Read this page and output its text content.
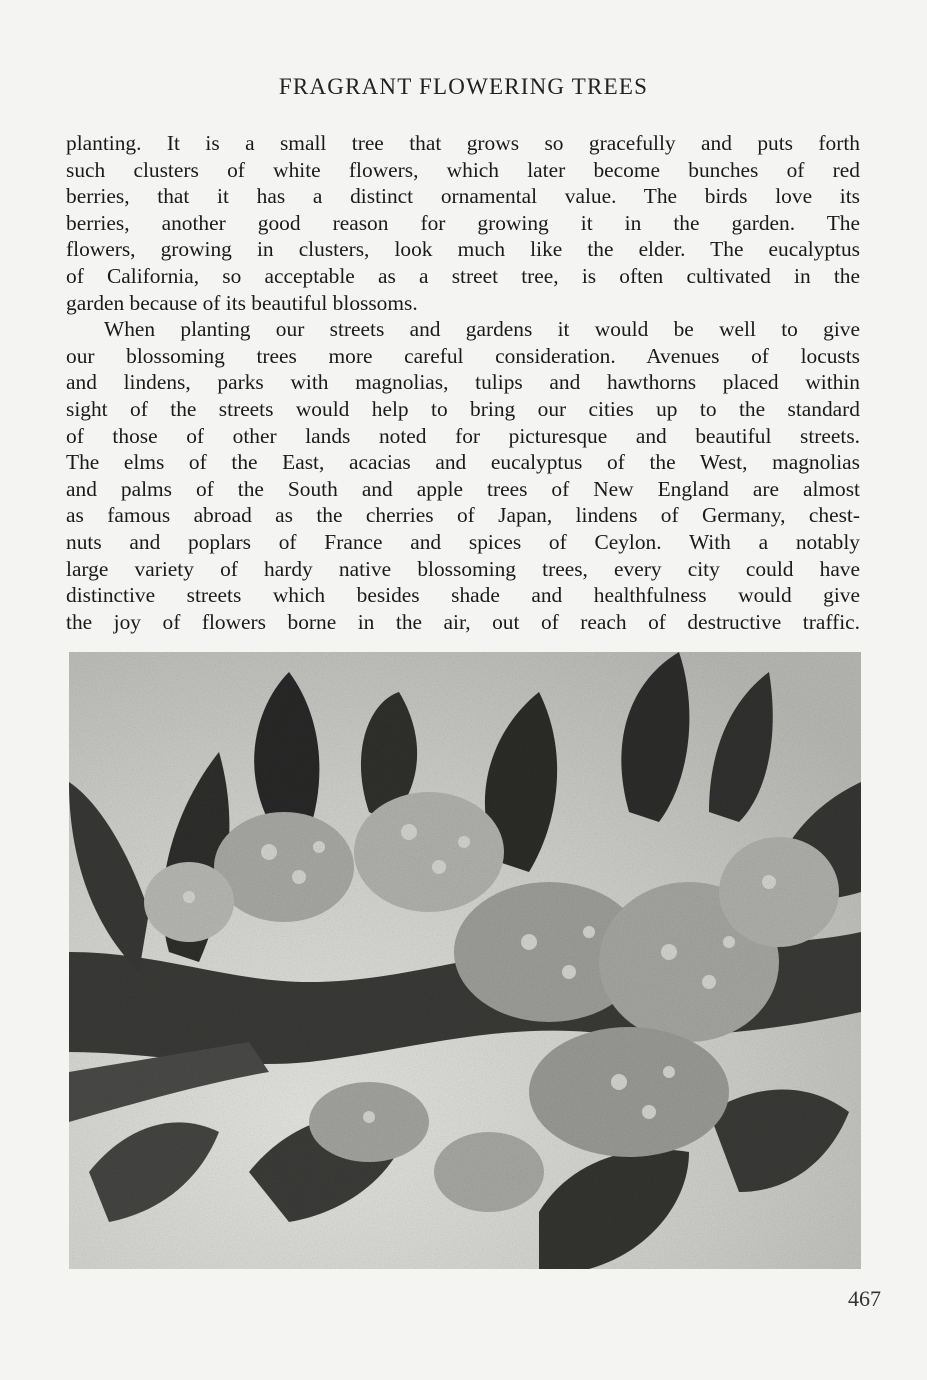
FRAGRANT FLOWERING TREES
planting. It is a small tree that grows so gracefully and puts forth
such clusters of white flowers, which later become bunches of red
berries, that it has a distinct ornamental value. The birds love its
berries, another good reason for growing it in the garden. The
flowers, growing in clusters, look much like the elder. The eucalyptus
of California, so acceptable as a street tree, is often cultivated in the
garden because of its beautiful blossoms.
When planting our streets and gardens it would be well to give
our blossoming trees more careful consideration. Avenues of locusts
and lindens, parks with magnolias, tulips and hawthorns placed within
sight of the streets would help to bring our cities up to the standard
of those of other lands noted for picturesque and beautiful streets.
The elms of the East, acacias and eucalyptus of the West, magnolias
and palms of the South and apple trees of New England are almost
as famous abroad as the cherries of Japan, lindens of Germany, chest-
nuts and poplars of France and spices of Ceylon. With a notably
large variety of hardy native blossoming trees, every city could have
distinctive streets which besides shade and healthfulness would give
the joy of flowers borne in the air, out of reach of destructive traffic.
467
